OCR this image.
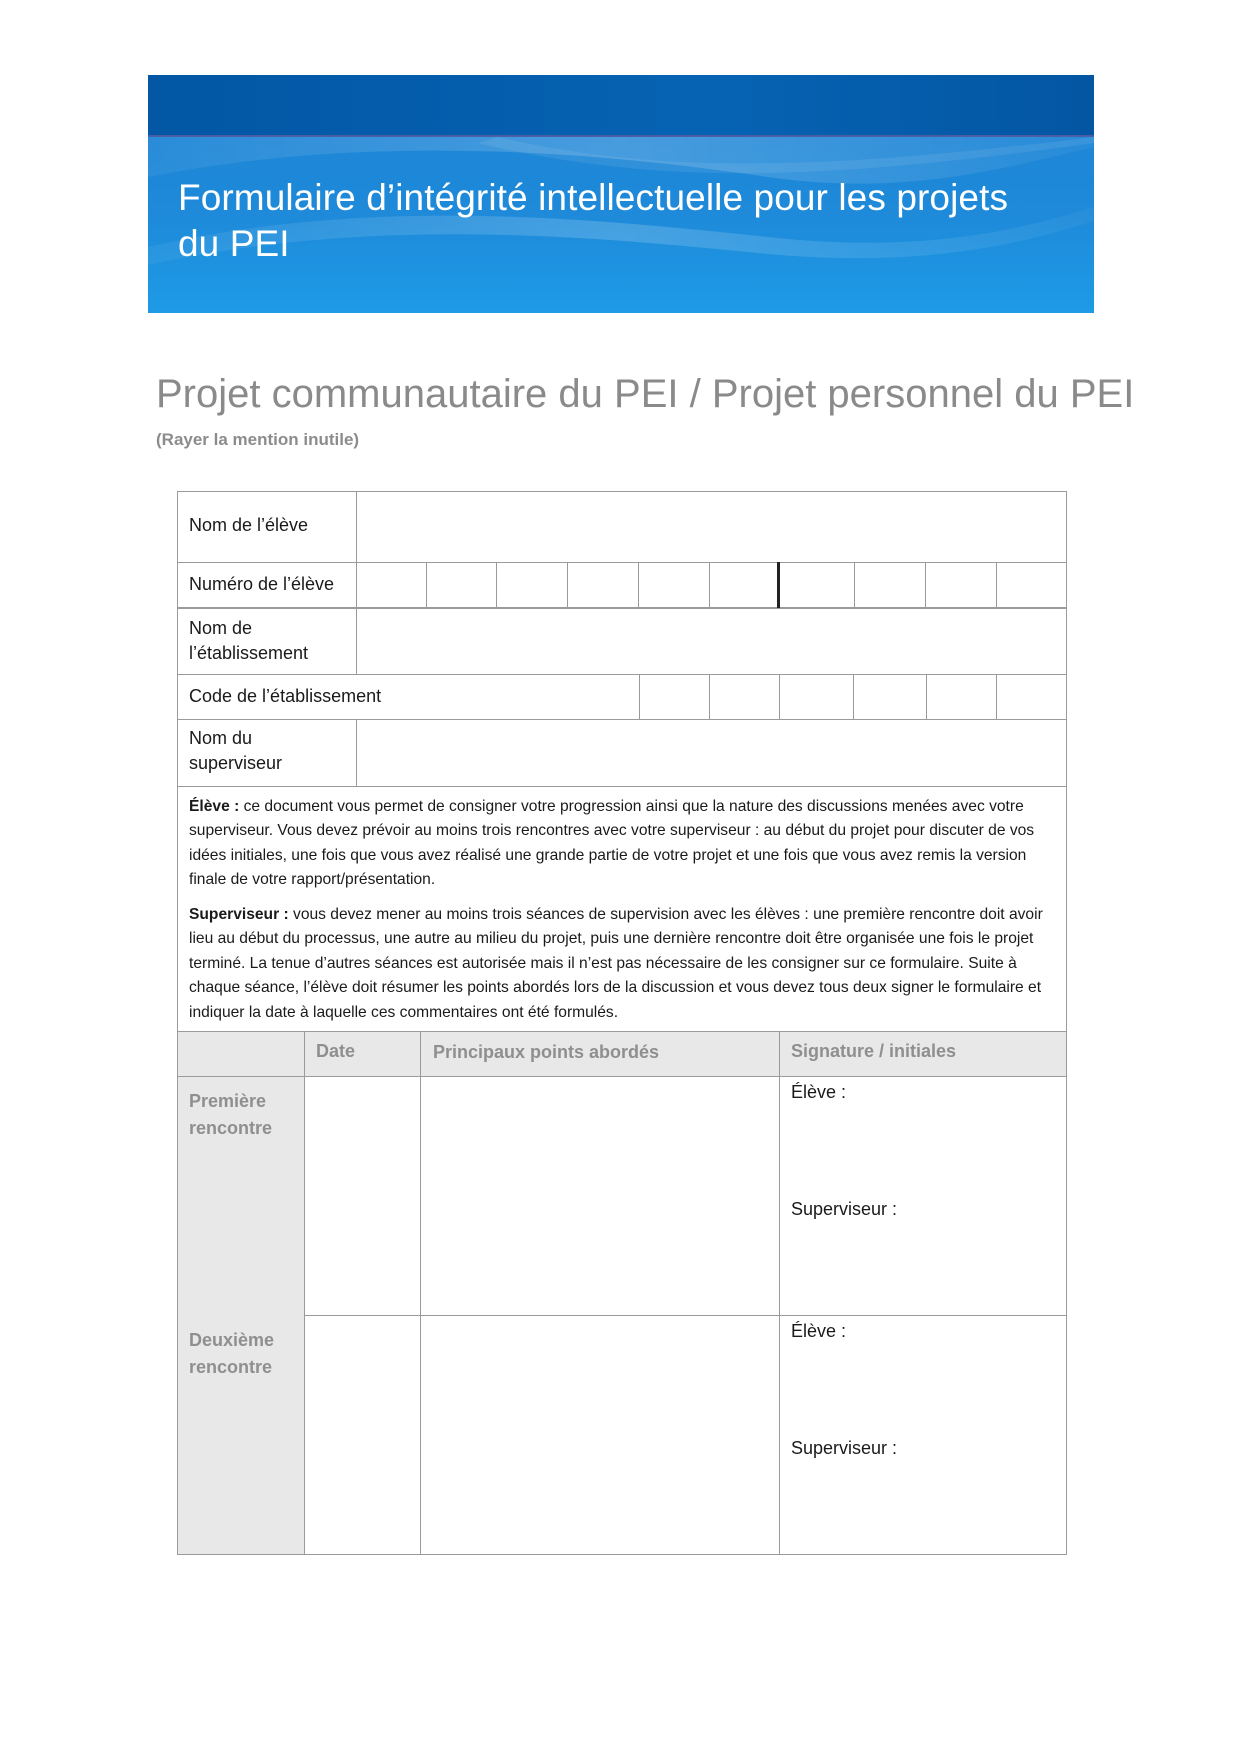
Formulaire d’intégrité intellectuelle pour les projets du PEI
Projet communautaire du PEI / Projet personnel du PEI
(Rayer la mention inutile)
Nom de l’élève
Numéro de l’élève
Nom de l’établissement
Code de l’établissement
Nom du superviseur

Élève : ce document vous permet de consigner votre progression ainsi que la nature des discussions menées avec votre superviseur. Vous devez prévoir au moins trois rencontres avec votre superviseur : au début du projet pour discuter de vos idées initiales, une fois que vous avez réalisé une grande partie de votre projet et une fois que vous avez remis la version finale de votre rapport/présentation.

Superviseur : vous devez mener au moins trois séances de supervision avec les élèves : une première rencontre doit avoir lieu au début du processus, une autre au milieu du projet, puis une dernière rencontre doit être organisée une fois le projet terminé. La tenue d’autres séances est autorisée mais il n’est pas nécessaire de les consigner sur ce formulaire. Suite à chaque séance, l’élève doit résumer les points abordés lors de la discussion et vous devez tous deux signer le formulaire et indiquer la date à laquelle ces commentaires ont été formulés.

Date	Principaux points abordés	Signature / initiales
Première rencontre
Élève :
Superviseur :
Deuxième rencontre
Élève :
Superviseur :
